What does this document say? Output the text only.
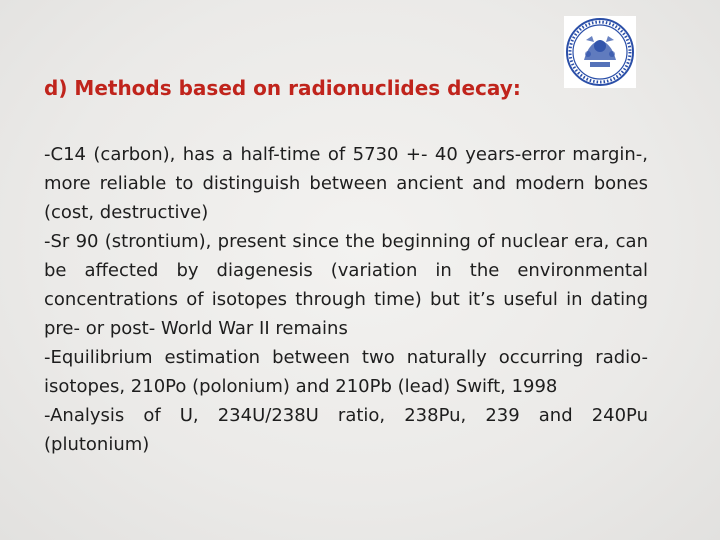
d) Methods based on radionuclides decay:

-C14 (carbon), has a half-time of 5730 +- 40 years-error margin-, more reliable to distinguish between ancient and modern bones (cost, destructive)

-Sr 90 (strontium), present since the beginning of nuclear era, can be affected by diagenesis (variation in the environmental concentrations of isotopes through time) but it’s useful in dating pre- or post- World War II remains

-Equilibrium estimation between two naturally occurring radio-isotopes, 210Po (polonium) and 210Pb (lead) Swift, 1998

-Analysis of U, 234U/238U ratio, 238Pu, 239 and 240Pu (plutonium)
